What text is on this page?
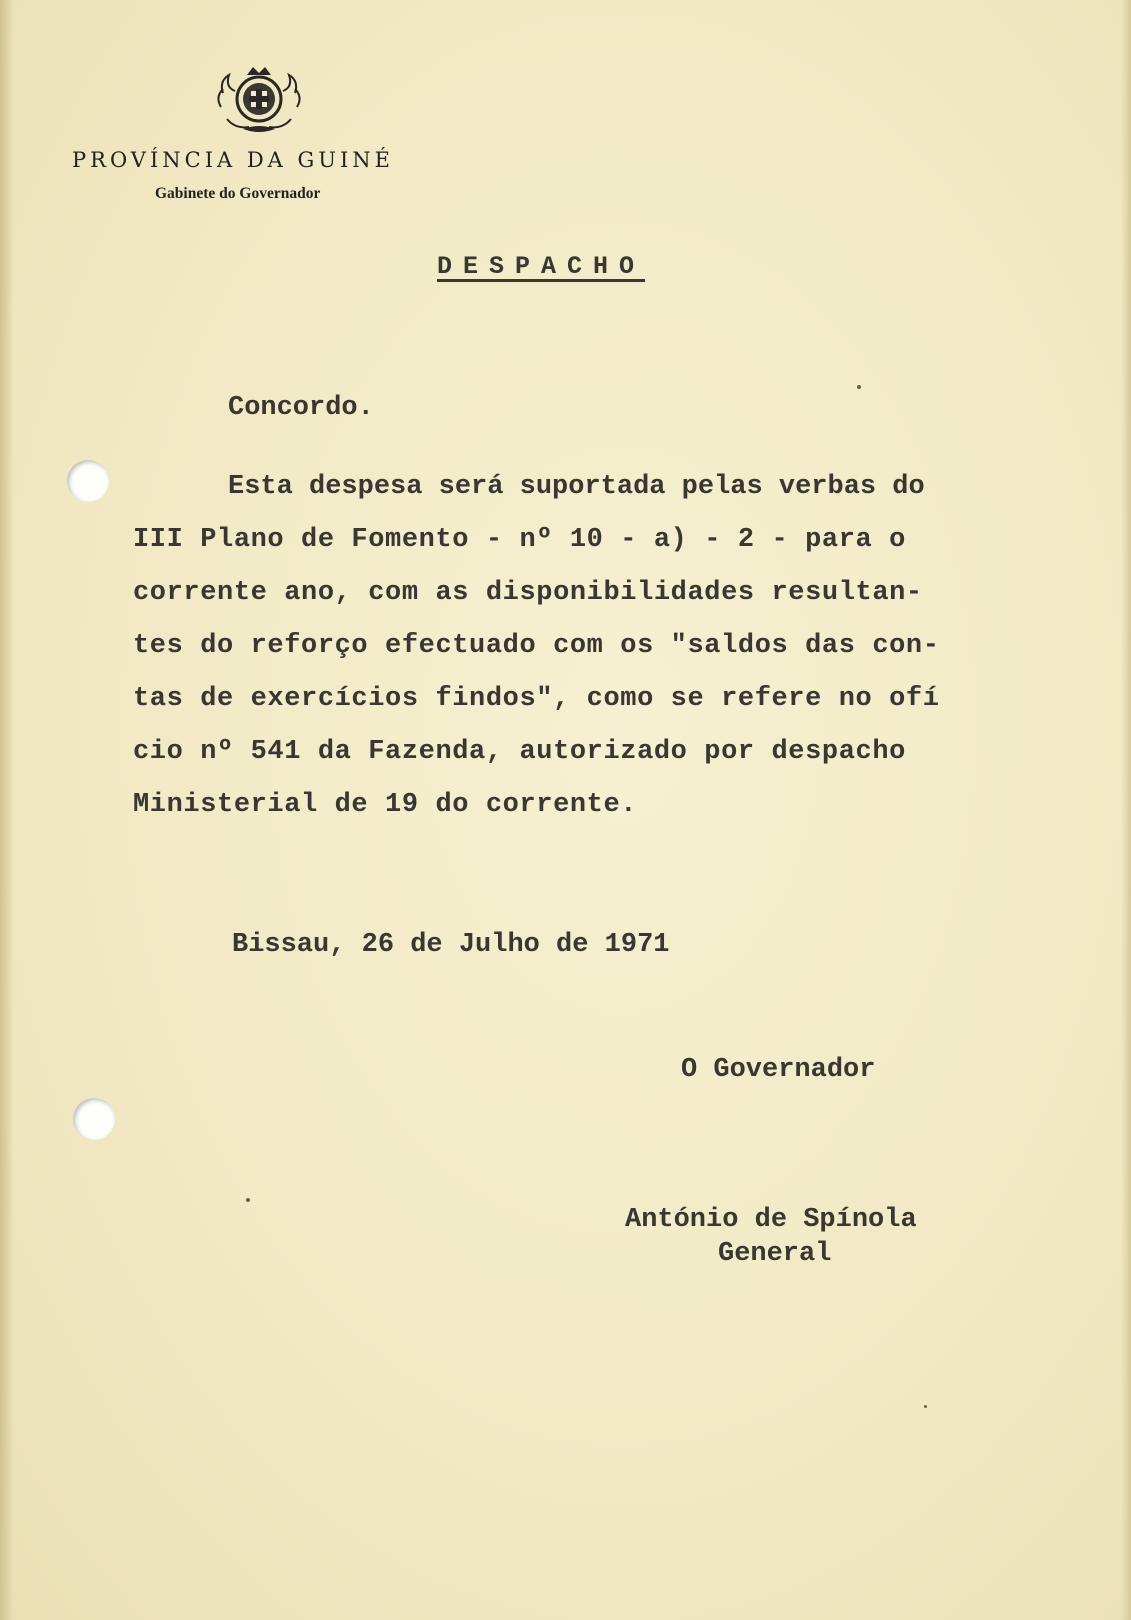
PROVÍNCIA DA GUINÉ
Gabinete do Governador
DESPACHO
Concordo.
Esta despesa será suportada pelas verbas do
III Plano de Fomento - nº 10 - a) - 2 - para o
corrente ano, com as disponibilidades resultan-
tes do reforço efectuado com os "saldos das con-
tas de exercícios findos", como se refere no ofí
cio nº 541 da Fazenda, autorizado por despacho
Ministerial de 19 do corrente.
Bissau, 26 de Julho de 1971
O Governador
António de Spínola
General
